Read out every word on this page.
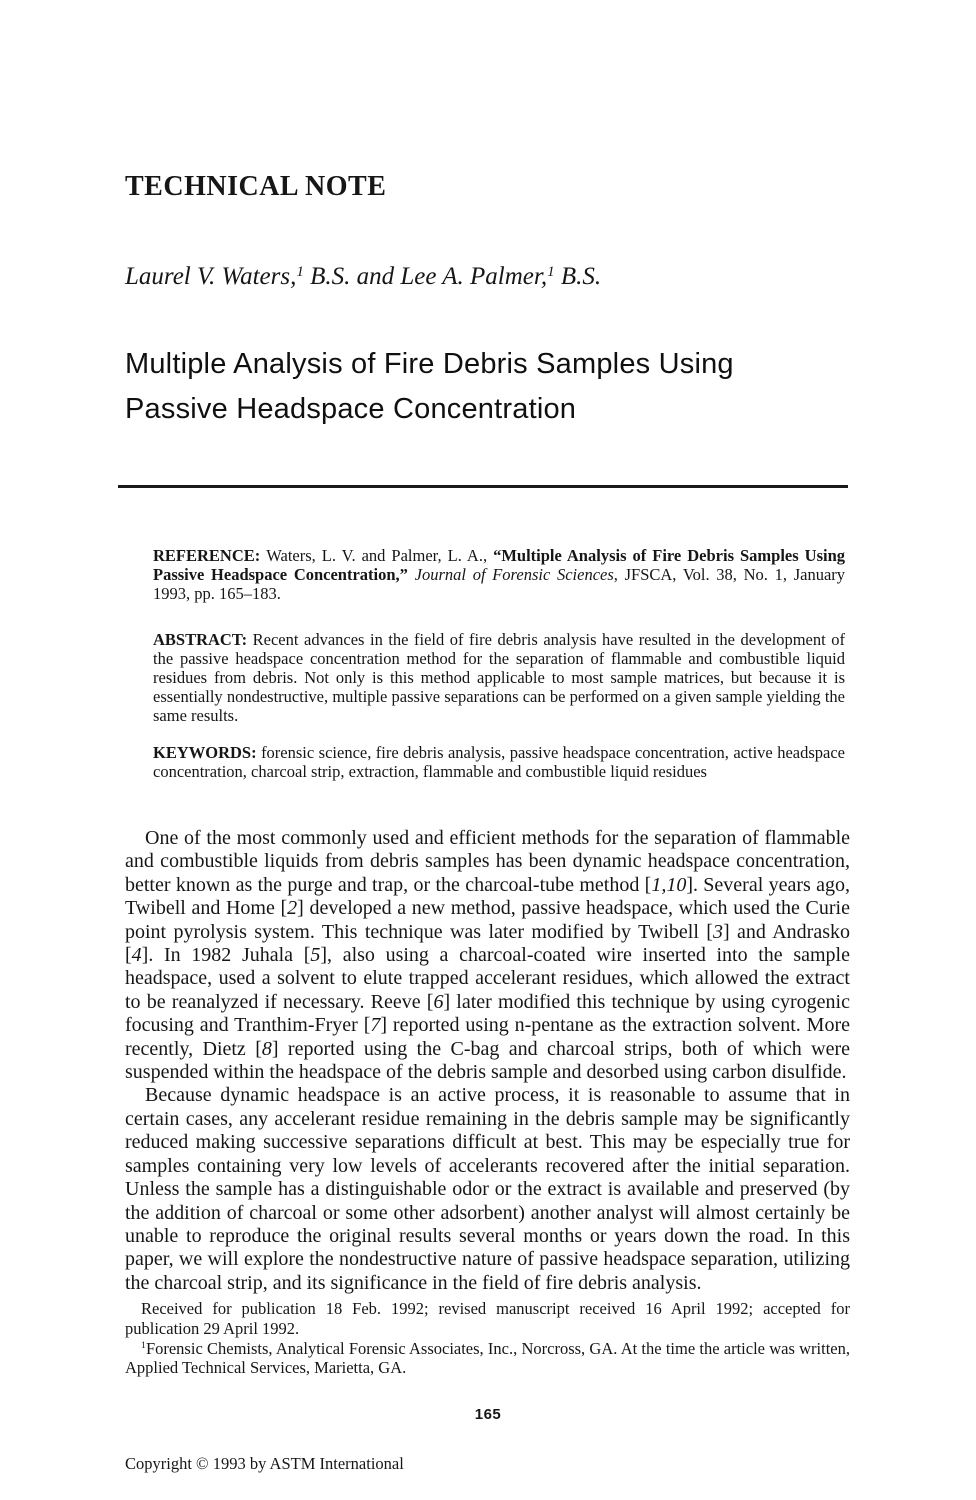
TECHNICAL NOTE
Laurel V. Waters,$^1$ B.S. and Lee A. Palmer,$^1$ B.S.
Multiple Analysis of Fire Debris Samples Using
Passive Headspace Concentration

REFERENCE: Waters, L. V. and Palmer, L. A., “Multiple Analysis of Fire Debris Samples Using Passive Headspace Concentration,” Journal of Forensic Sciences, JFSCA, Vol. 38, No. 1, January 1993, pp. 165–183.

ABSTRACT: Recent advances in the field of fire debris analysis have resulted in the development of the passive headspace concentration method for the separation of flammable and combustible liquid residues from debris. Not only is this method applicable to most sample matrices, but because it is essentially nondestructive, multiple passive separations can be performed on a given sample yielding the same results.

KEYWORDS: forensic science, fire debris analysis, passive headspace concentration, active headspace concentration, charcoal strip, extraction, flammable and combustible liquid residues

One of the most commonly used and efficient methods for the separation of flammable and combustible liquids from debris samples has been dynamic headspace concentration, better known as the purge and trap, or the charcoal-tube method [1,10]. Several years ago, Twibell and Home [2] developed a new method, passive headspace, which used the Curie point pyrolysis system. This technique was later modified by Twibell [3] and Andrasko [4]. In 1982 Juhala [5], also using a charcoal-coated wire inserted into the sample headspace, used a solvent to elute trapped accelerant residues, which allowed the extract to be reanalyzed if necessary. Reeve [6] later modified this technique by using cyrogenic focusing and Tranthim-Fryer [7] reported using n-pentane as the extraction solvent. More recently, Dietz [8] reported using the C-bag and charcoal strips, both of which were suspended within the headspace of the debris sample and desorbed using carbon disulfide.

Because dynamic headspace is an active process, it is reasonable to assume that in certain cases, any accelerant residue remaining in the debris sample may be significantly reduced making successive separations difficult at best. This may be especially true for samples containing very low levels of accelerants recovered after the initial separation. Unless the sample has a distinguishable odor or the extract is available and preserved (by the addition of charcoal or some other adsorbent) another analyst will almost certainly be unable to reproduce the original results several months or years down the road. In this paper, we will explore the nondestructive nature of passive headspace separation, utilizing the charcoal strip, and its significance in the field of fire debris analysis.

Received for publication 18 Feb. 1992; revised manuscript received 16 April 1992; accepted for publication 29 April 1992.

$^1$Forensic Chemists, Analytical Forensic Associates, Inc., Norcross, GA. At the time the article was written, Applied Technical Services, Marietta, GA.

165
Copyright © 1993 by ASTM International
